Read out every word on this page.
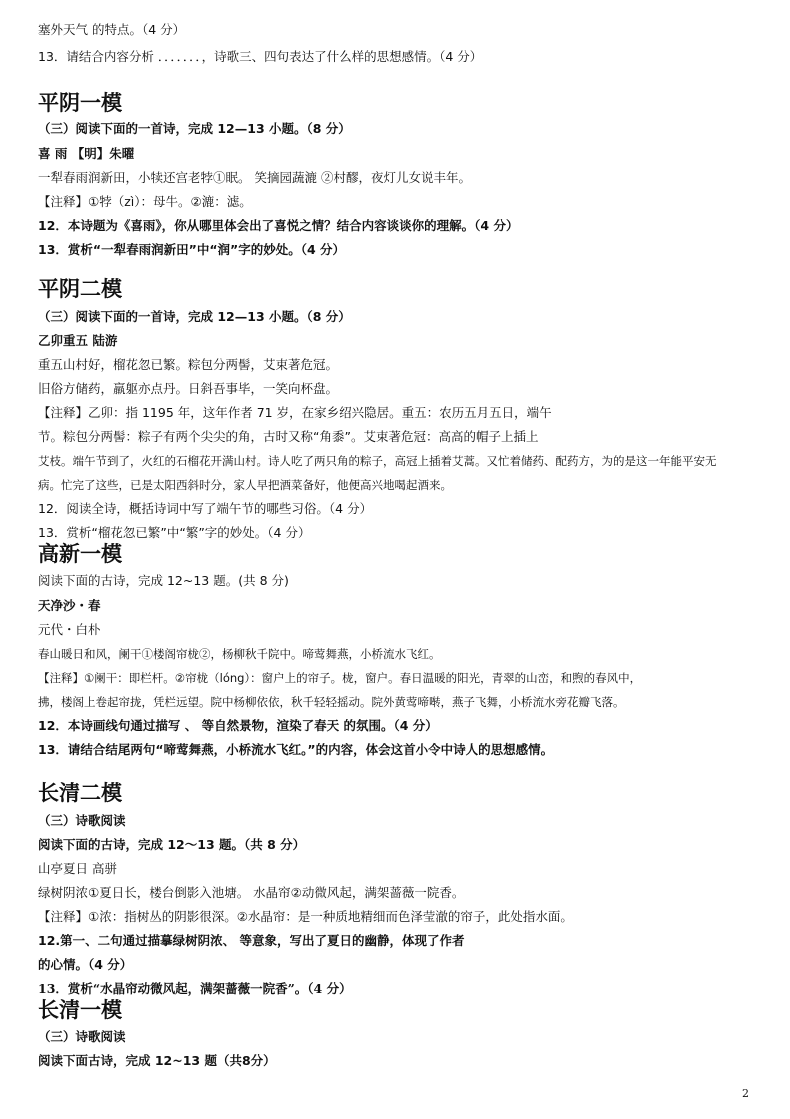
塞外天气 的特点。（4 分）
13．请结合内容分析 ．．．．．．．，诗歌三、四句表达了什么样的思想感情。（4 分）
平阴一模
（三）阅读下面的一首诗，完成 12—13 小题。（8 分）
喜 雨 【明】朱曜
一犁春雨润新田，小犊还宫老㹀①眠。 笑摘园蔬漉 ②村醪，夜灯儿女说丰年。
【注释】①㹀（zì）：母牛。②漉：滤。
12．本诗题为《喜雨》，你从哪里体会出了喜悦之情？结合内容谈谈你的理解。（4 分）
13．赏析“一犁春雨润新田”中“润”字的妙处。（4 分）
平阴二模
（三）阅读下面的一首诗，完成 12—13 小题。（8 分）
乙卯重五 陆游
重五山村好，榴花忽已繁。粽包分两髻，艾束著危冠。
旧俗方储药，羸躯亦点丹。日斜吾事毕，一笑向杯盘。
【注释】乙卯：指 1195 年，这年作者 71 岁，在家乡绍兴隐居。重五：农历五月五日，端午
节。粽包分两髻：粽子有两个尖尖的角，古时又称“角黍”。艾束著危冠：高高的帽子上插上
艾枝。端午节到了，火红的石榴花开满山村。诗人吃了两只角的粽子，高冠上插着艾蒿。又忙着储药、配药方，为的是这一年能平安无
病。忙完了这些，已是太阳西斜时分，家人早把酒菜备好，他便高兴地喝起酒来。
12．阅读全诗，概括诗词中写了端午节的哪些习俗。（4 分）
13．赏析“榴花忽已繁”中“繁”字的妙处。（4 分）
高新一模
阅读下面的古诗，完成 12~13 题。(共 8 分)
天净沙・春
元代・白朴
春山暖日和风，阑干①楼阁帘栊②，杨柳秋千院中。啼莺舞燕，小桥流水飞红。
【注释】①阑干：即栏杆。②帘栊（lóng）：窗户上的帘子。栊，窗户。春日温暖的阳光，青翠的山峦，和煦的春风中，
拂，楼阁上卷起帘拢，凭栏远望。院中杨柳依依，秋千轻轻摇动。院外黄莺啼啭，燕子飞舞，小桥流水旁花瓣飞落。
12．本诗画线句通过描写 、 等自然景物，渲染了春天 的氛围。（4 分）
13．请结合结尾两句“啼莺舞燕，小桥流水飞红。”的内容，体会这首小令中诗人的思想感情。
长清二模
（三）诗歌阅读
阅读下面的古诗，完成 12～13 题。（共 8 分）
山亭夏日 高骈
绿树阴浓①夏日长，楼台倒影入池塘。 水晶帘②动微风起，满架蔷薇一院香。
【注释】①浓：指树丛的阴影很深。②水晶帘：是一种质地精细而色泽莹澈的帘子，此处指水面。
12.第一、二句通过描摹绿树阴浓、 等意象，写出了夏日的幽静，体现了作者
的心情。（4 分）
13．赏析“水晶帘动微风起，满架蔷薇一院香”。（4 分）
长清一模
（三）诗歌阅读
阅读下面古诗，完成 12~13 题（共8分）
2
